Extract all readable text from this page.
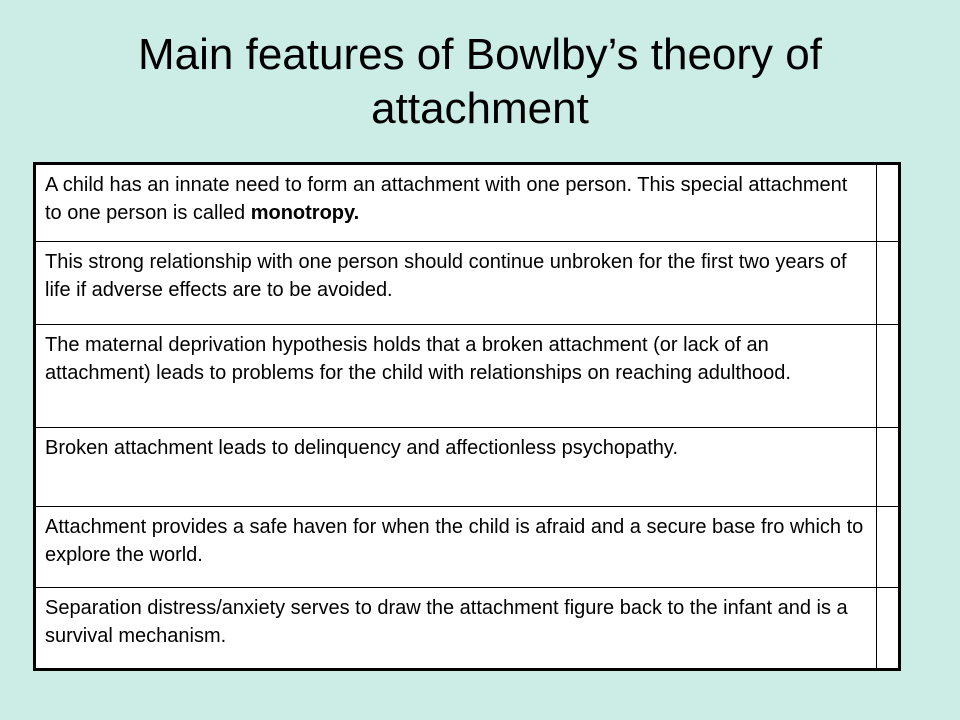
Main features of Bowlby’s theory of attachment
A child has an innate need to form an attachment with one person. This special attachment to one person is called monotropy.	

This strong relationship with one person should continue unbroken for the first two years of life if adverse effects are to be avoided.	

The maternal deprivation hypothesis holds that a broken attachment (or lack of an attachment) leads to problems for the child with relationships on reaching adulthood.	

Broken attachment leads to delinquency and affectionless psychopathy.	

Attachment provides a safe haven for when the child is afraid and a secure base fro which to explore the world.	

Separation distress/anxiety serves to draw the attachment figure back to the infant and is a survival mechanism.	
